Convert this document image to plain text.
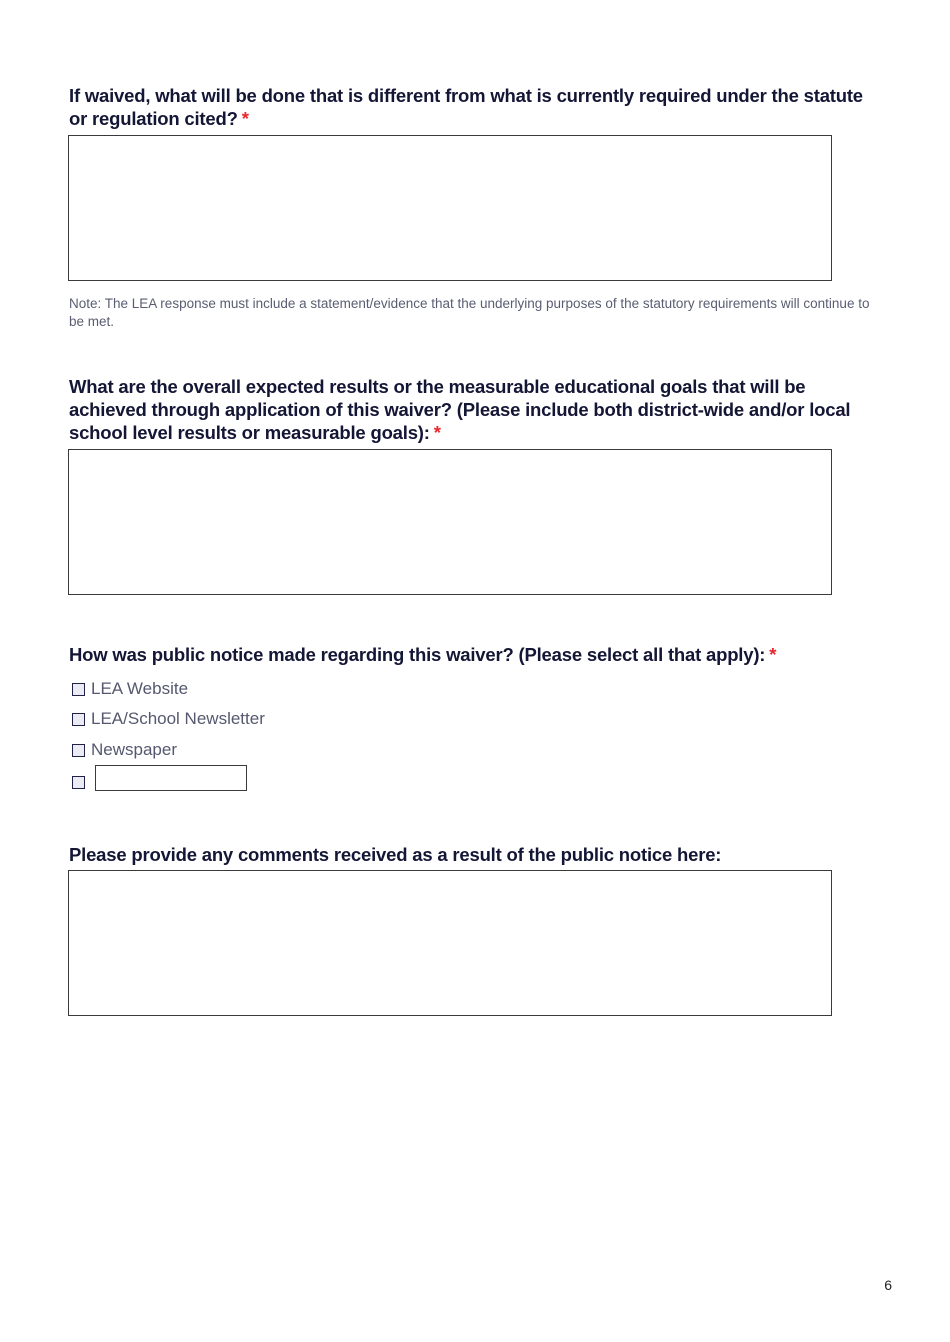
If waived, what will be done that is different from what is currently required under the statute or regulation cited? *
Note: The LEA response must include a statement/evidence that the underlying purposes of the statutory requirements will continue to be met.
What are the overall expected results or the measurable educational goals that will be achieved through application of this waiver? (Please include both district-wide and/or local school level results or measurable goals): *
How was public notice made regarding this waiver? (Please select all that apply): *
LEA Website
LEA/School Newsletter
Newspaper
Please provide any comments received as a result of the public notice here:
6
